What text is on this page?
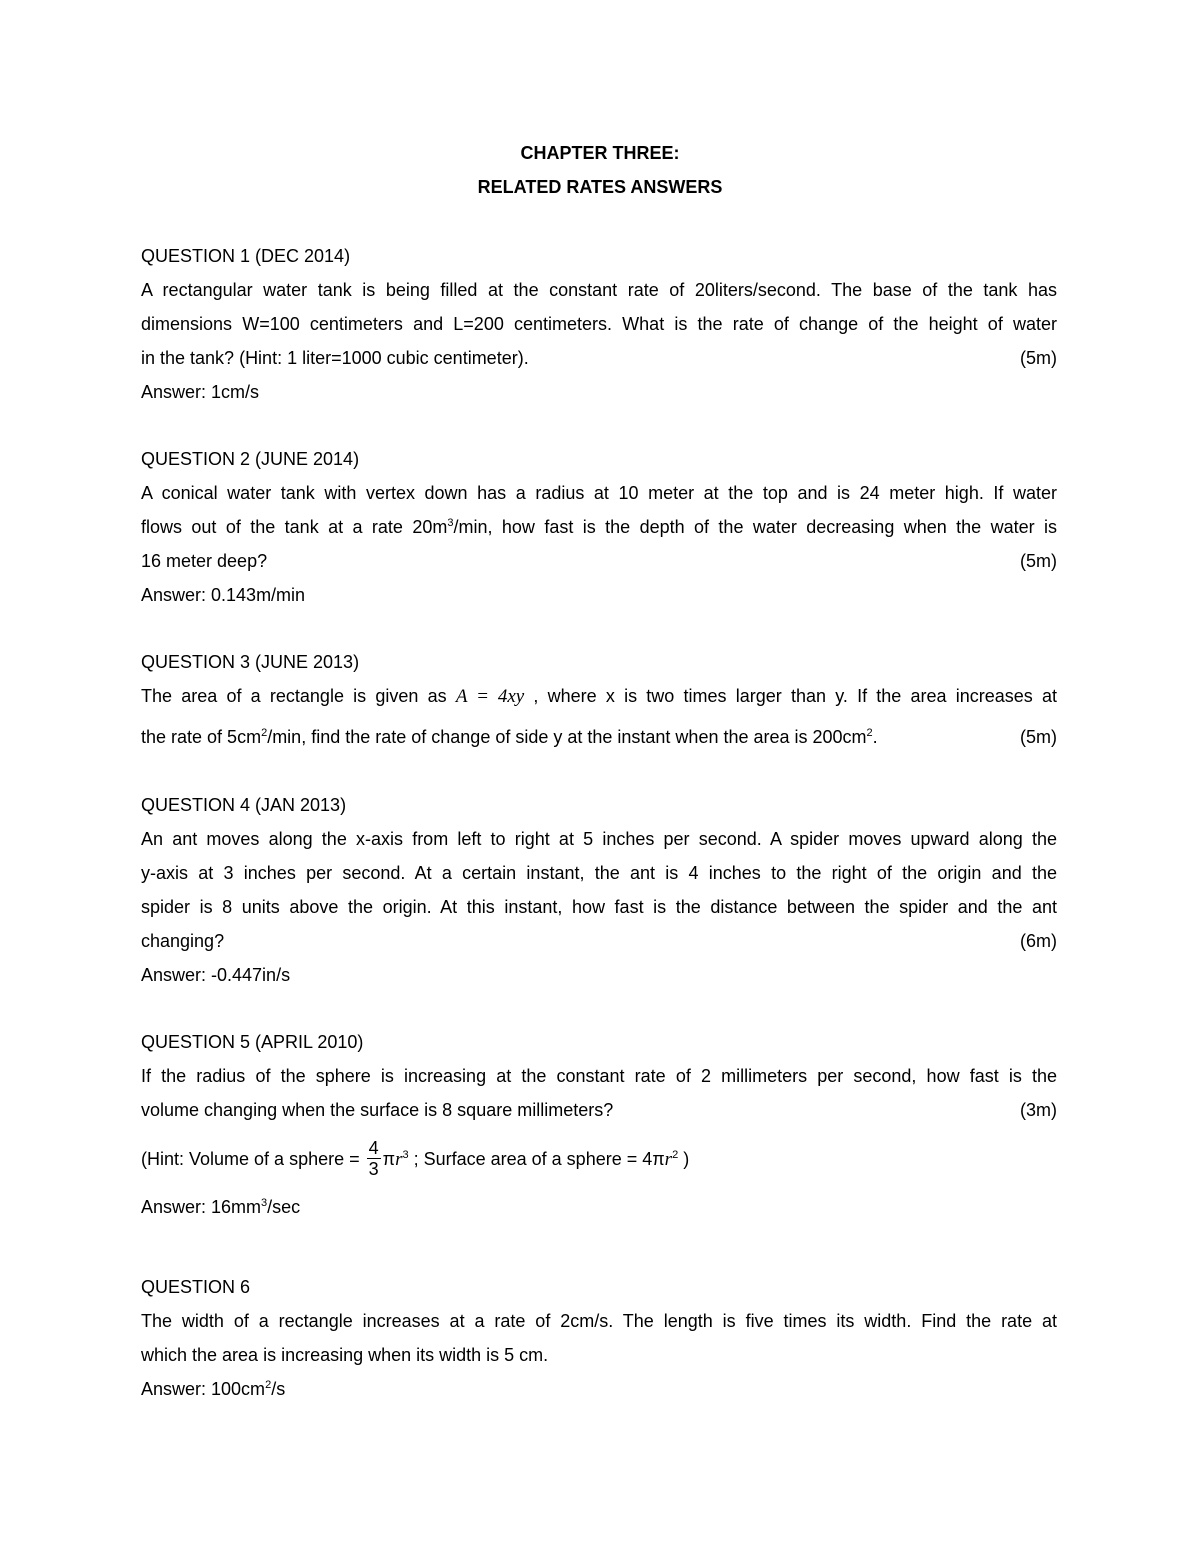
CHAPTER THREE:
RELATED RATES ANSWERS
QUESTION 1 (DEC 2014)
A rectangular water tank is being filled at the constant rate of 20liters/second. The base of the tank has
dimensions W=100 centimeters and L=200 centimeters. What is the rate of change of the height of water
in the tank? (Hint: 1 liter=1000 cubic centimeter).	(5m)
Answer: 1cm/s
QUESTION 2 (JUNE 2014)
A conical water tank with vertex down has a radius at 10 meter at the top and is 24 meter high. If water
flows out of the tank at a rate $20m^3/\min$, how fast is the depth of the water decreasing when the water is
16 meter deep?	(5m)
Answer: 0.143m/min
QUESTION 3 (JUNE 2013)
The area of a rectangle is given as A = 4xy , where x is two times larger than y. If the area increases at
the rate of $5cm^2/\min$, find the rate of change of side y at the instant when the area is $200cm^2$.	(5m)
QUESTION 4 (JAN 2013)
An ant moves along the x-axis from left to right at 5 inches per second. A spider moves upward along the
y-axis at 3 inches per second. At a certain instant, the ant is 4 inches to the right of the origin and the
spider is 8 units above the origin. At this instant, how fast is the distance between the spider and the ant
changing?	(6m)
Answer: -0.447in/s
QUESTION 5 (APRIL 2010)
If the radius of the sphere is increasing at the constant rate of 2 millimeters per second, how fast is the
volume changing when the surface is 8 square millimeters?	(3m)
(Hint: Volume of a sphere = $\frac{4}{3} \pi r^3$ ; Surface area of a sphere = $4\pi r^2$ )
Answer: $16mm^3/\sec$
QUESTION 6
The width of a rectangle increases at a rate of 2cm/s. The length is five times its width. Find the rate at
which the area is increasing when its width is 5 cm.
Answer: $100cm^2/s$
